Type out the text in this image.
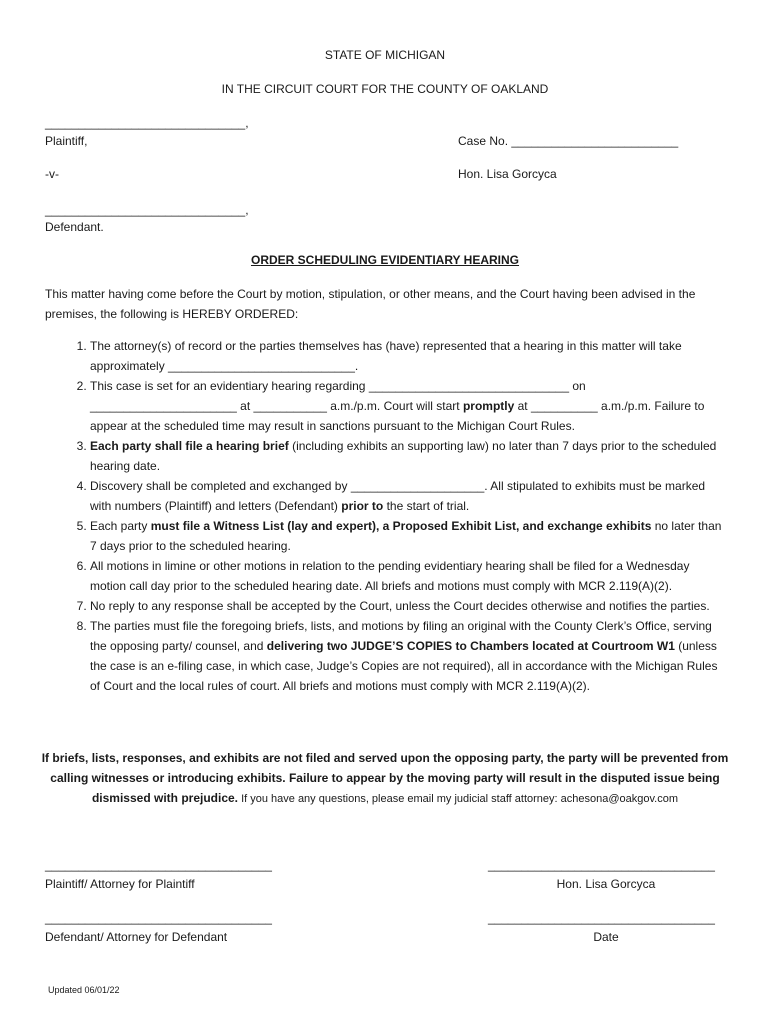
STATE OF MICHIGAN
IN THE CIRCUIT COURT FOR THE COUNTY OF OAKLAND
______________________________,
Plaintiff,	Case No. _________________________
-v-	Hon. Lisa Gorcyca
______________________________,
Defendant.
ORDER SCHEDULING EVIDENTIARY HEARING
This matter having come before the Court by motion, stipulation, or other means, and the Court having been advised in the premises, the following is HEREBY ORDERED:
1. The attorney(s) of record or the parties themselves has (have) represented that a hearing in this matter will take approximately ____________________________.
2. This case is set for an evidentiary hearing regarding ______________________________ on ______________________ at ___________ a.m./p.m. Court will start promptly at __________ a.m./p.m. Failure to appear at the scheduled time may result in sanctions pursuant to the Michigan Court Rules.
3. Each party shall file a hearing brief (including exhibits an supporting law) no later than 7 days prior to the scheduled hearing date.
4. Discovery shall be completed and exchanged by ____________________. All stipulated to exhibits must be marked with numbers (Plaintiff) and letters (Defendant) prior to the start of trial.
5. Each party must file a Witness List (lay and expert), a Proposed Exhibit List, and exchange exhibits no later than 7 days prior to the scheduled hearing.
6. All motions in limine or other motions in relation to the pending evidentiary hearing shall be filed for a Wednesday motion call day prior to the scheduled hearing date. All briefs and motions must comply with MCR 2.119(A)(2).
7. No reply to any response shall be accepted by the Court, unless the Court decides otherwise and notifies the parties.
8. The parties must file the foregoing briefs, lists, and motions by filing an original with the County Clerk’s Office, serving the opposing party/ counsel, and delivering two JUDGE’S COPIES to Chambers located at Courtroom W1 (unless the case is an e-filing case, in which case, Judge’s Copies are not required), all in accordance with the Michigan Rules of Court and the local rules of court. All briefs and motions must comply with MCR 2.119(A)(2).
If briefs, lists, responses, and exhibits are not filed and served upon the opposing party, the party will be prevented from calling witnesses or introducing exhibits. Failure to appear by the moving party will result in the disputed issue being dismissed with prejudice. If you have any questions, please email my judicial staff attorney: achesona@oakgov.com
__________________________________
Plaintiff/ Attorney for Plaintiff
__________________________________
Hon. Lisa Gorcyca
__________________________________
Defendant/ Attorney for Defendant
__________________________________
Date
Updated 06/01/22
